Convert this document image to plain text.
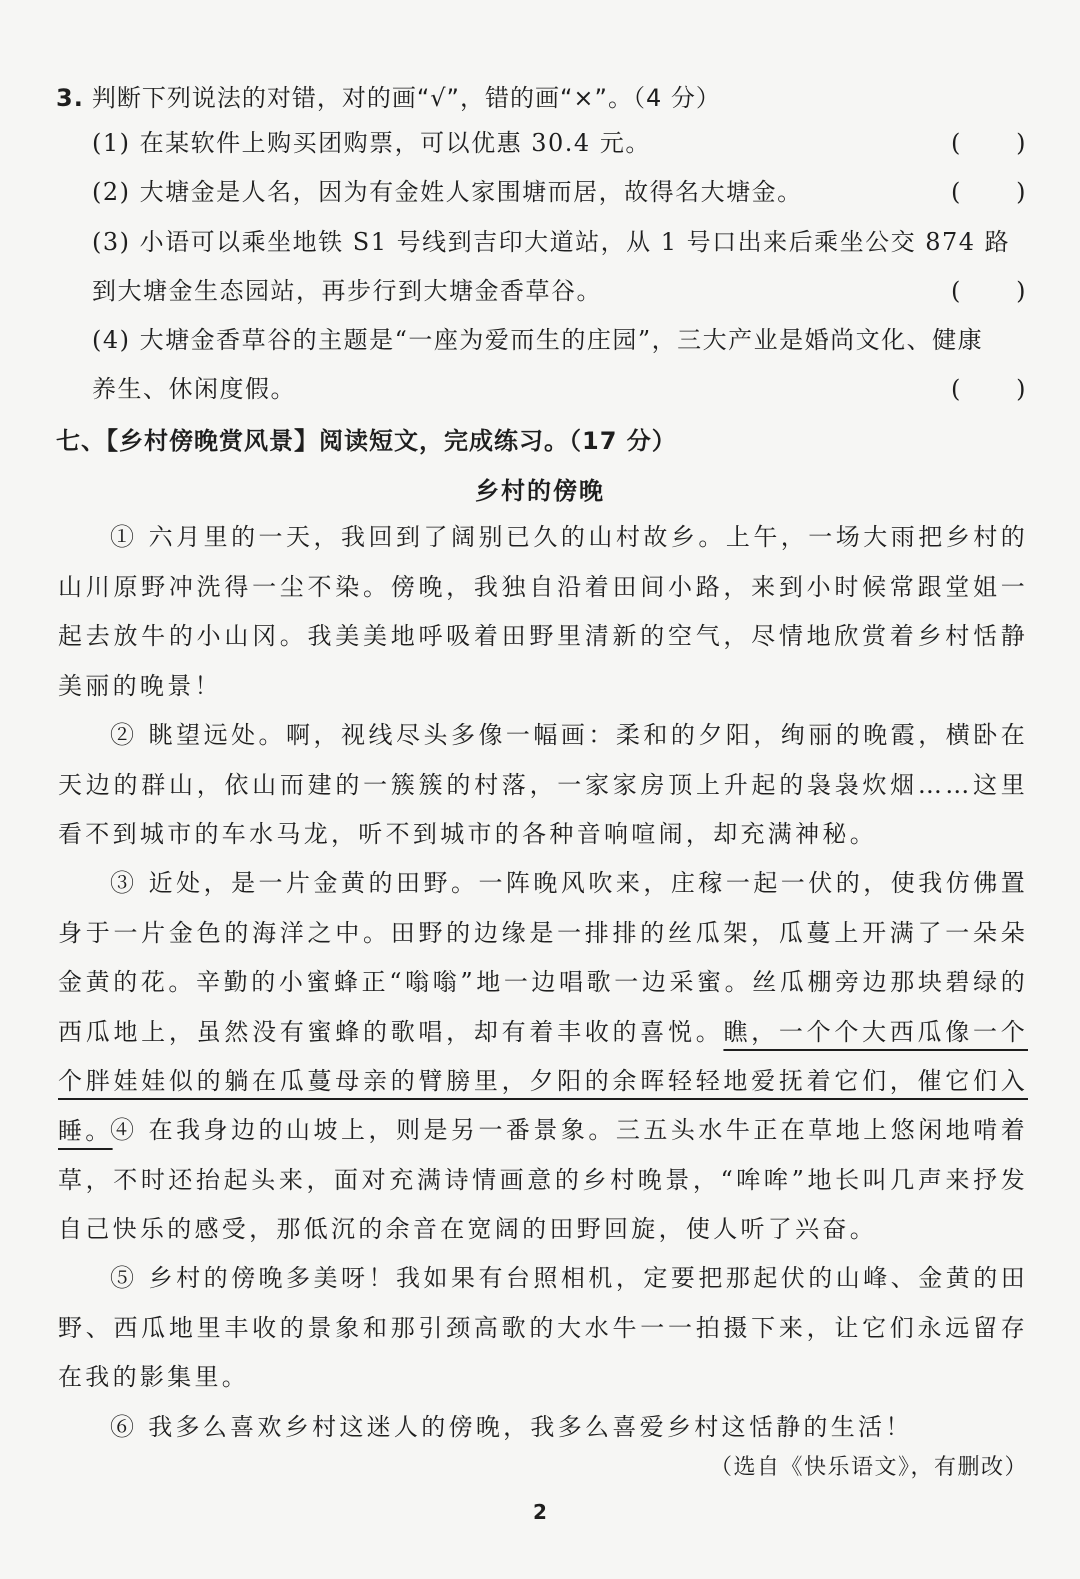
3. 判断下列说法的对错，对的画“√”，错的画“×”。（4 分）
(1) 在某软件上购买团购票，可以优惠 30.4 元。	( )
(2) 大塘金是人名，因为有金姓人家围塘而居，故得名大塘金。	( )
(3) 小语可以乘坐地铁 S1 号线到吉印大道站，从 1 号口出来后乘坐公交 874 路
到大塘金生态园站，再步行到大塘金香草谷。	( )
(4) 大塘金香草谷的主题是“一座为爱而生的庄园”，三大产业是婚尚文化、健康
养生、休闲度假。	( )
七、【乡村傍晚赏风景】阅读短文，完成练习。（17 分）
乡村的傍晚
① 六月里的一天，我回到了阔别已久的山村故乡。上午，一场大雨把乡村的山川原野冲洗得一尘不染。傍晚，我独自沿着田间小路，来到小时候常跟堂姐一起去放牛的小山冈。我美美地呼吸着田野里清新的空气，尽情地欣赏着乡村恬静美丽的晚景！
② 眺望远处。啊，视线尽头多像一幅画：柔和的夕阳，绚丽的晚霞，横卧在天边的群山，依山而建的一簇簇的村落，一家家房顶上升起的袅袅炊烟……这里看不到城市的车水马龙，听不到城市的各种音响喧闹，却充满神秘。
③ 近处，是一片金黄的田野。一阵晚风吹来，庄稼一起一伏的，使我仿佛置身于一片金色的海洋之中。田野的边缘是一排排的丝瓜架，瓜蔓上开满了一朵朵金黄的花。辛勤的小蜜蜂正“嗡嗡”地一边唱歌一边采蜜。丝瓜棚旁边那块碧绿的西瓜地上，虽然没有蜜蜂的歌唱，却有着丰收的喜悦。瞧，一个个大西瓜像一个个胖娃娃似的躺在瓜蔓母亲的臂膀里，夕阳的余晖轻轻地爱抚着它们，催它们入睡。
④ 在我身边的山坡上，则是另一番景象。三五头水牛正在草地上悠闲地啃着草，不时还抬起头来，面对充满诗情画意的乡村晚景，“哞哞”地长叫几声来抒发自己快乐的感受，那低沉的余音在宽阔的田野回旋，使人听了兴奋。
⑤ 乡村的傍晚多美呀！我如果有台照相机，定要把那起伏的山峰、金黄的田野、西瓜地里丰收的景象和那引颈高歌的大水牛一一拍摄下来，让它们永远留存在我的影集里。
⑥ 我多么喜欢乡村这迷人的傍晚，我多么喜爱乡村这恬静的生活！
（选自《快乐语文》，有删改）
2
